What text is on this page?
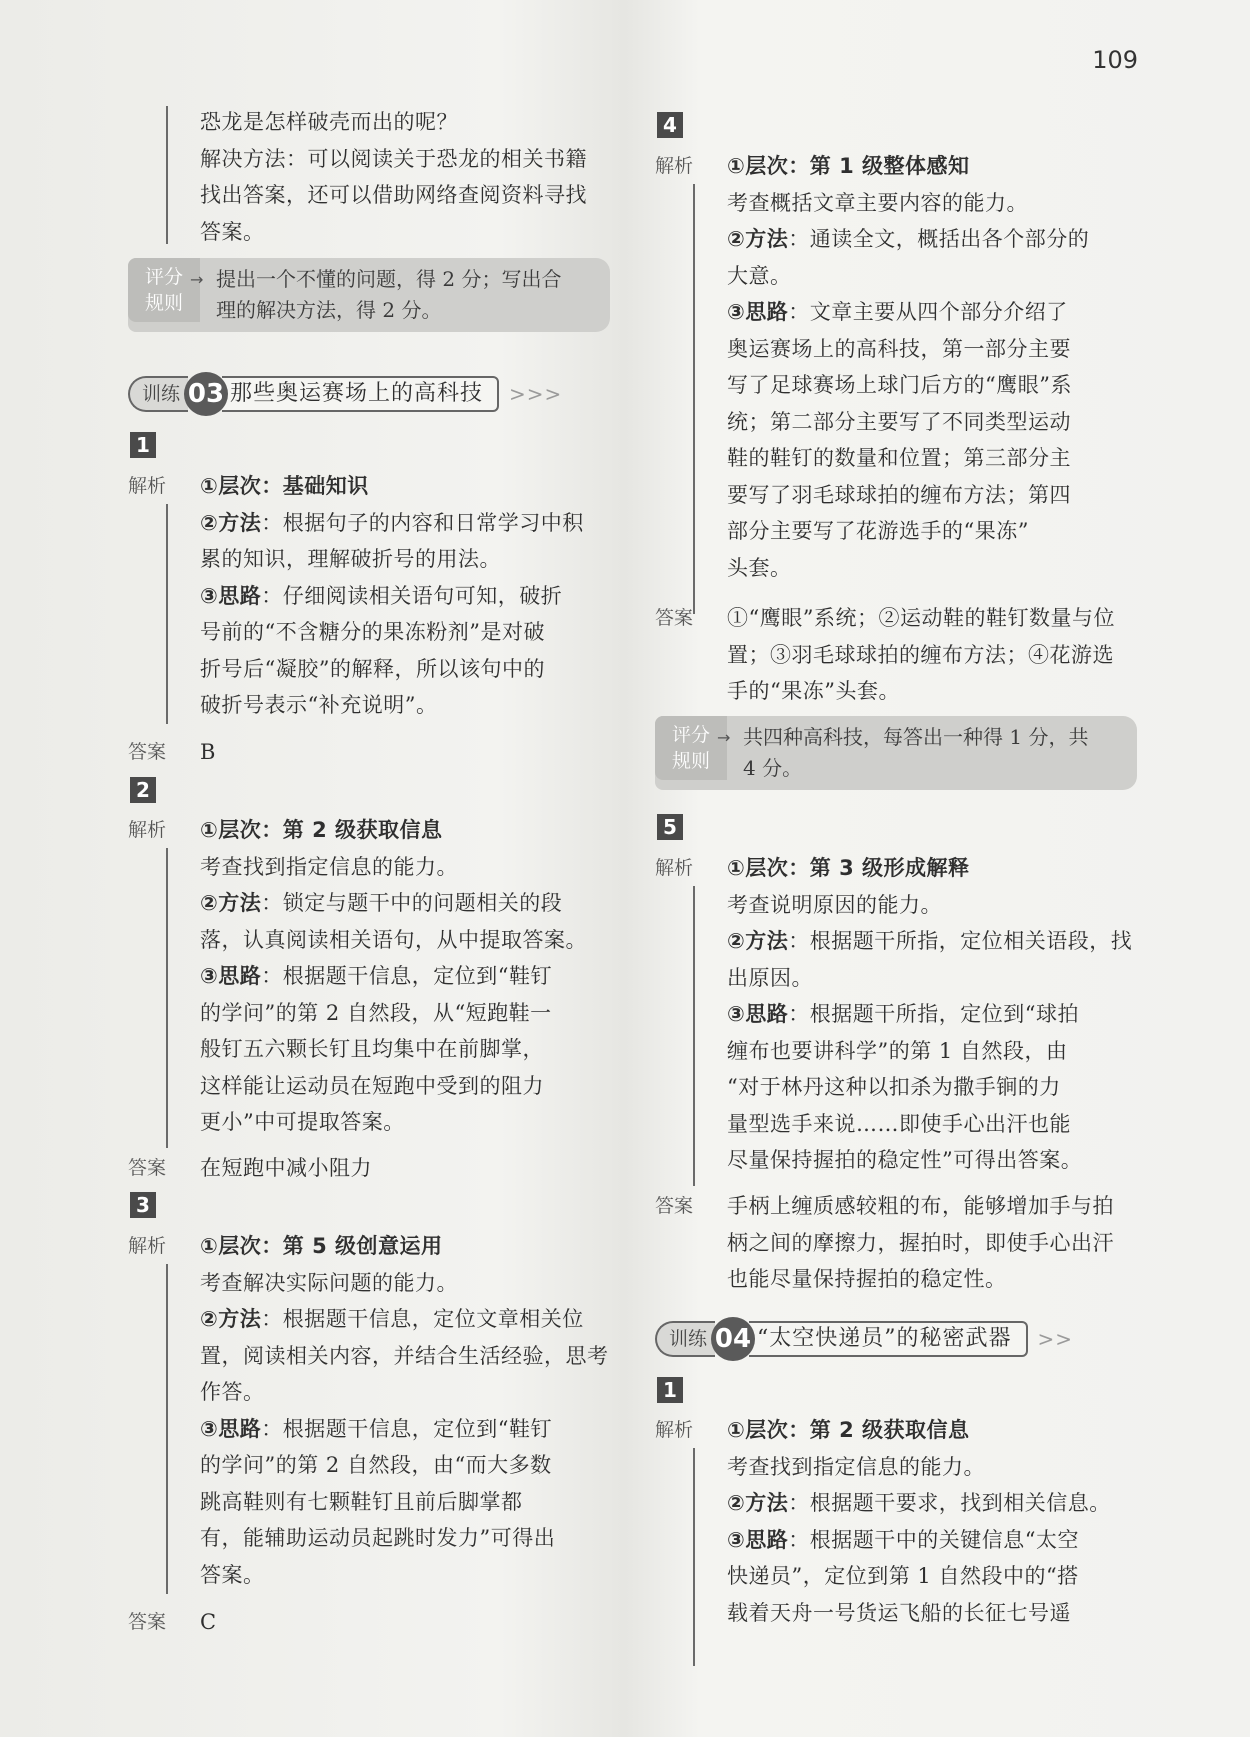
109
恐龙是怎样破壳而出的呢？
解决方法：可以阅读关于恐龙的相关书籍
找出答案，还可以借助网络查阅资料寻找
答案。
评分
规则
→ 提出一个不懂的问题，得 2 分；写出合
理的解决方法，得 2 分。
训练 03 那些奥运赛场上的高科技	>>>
1
解析	①层次：基础知识
②方法：根据句子的内容和日常学习中积
累的知识，理解破折号的用法。
③思路：仔细阅读相关语句可知，破折
号前的“不含糖分的果冻粉剂”是对破
折号后“凝胶”的解释，所以该句中的
破折号表示“补充说明”。
答案	B
2
解析	①层次：第 2 级获取信息
考查找到指定信息的能力。
②方法：锁定与题干中的问题相关的段
落，认真阅读相关语句，从中提取答案。
③思路：根据题干信息，定位到“鞋钉
的学问”的第 2 自然段，从“短跑鞋一
般钉五六颗长钉且均集中在前脚掌，
这样能让运动员在短跑中受到的阻力
更小”中可提取答案。
答案	在短跑中减小阻力
3
解析	①层次：第 5 级创意运用
考查解决实际问题的能力。
②方法：根据题干信息，定位文章相关位
置，阅读相关内容，并结合生活经验，思考
作答。
③思路：根据题干信息，定位到“鞋钉
的学问”的第 2 自然段，由“而大多数
跳高鞋则有七颗鞋钉且前后脚掌都
有，能辅助运动员起跳时发力”可得出
答案。
答案	C
4
解析	①层次：第 1 级整体感知
考查概括文章主要内容的能力。
②方法：通读全文，概括出各个部分的
大意。
③思路：文章主要从四个部分介绍了
奥运赛场上的高科技，第一部分主要
写了足球赛场上球门后方的“鹰眼”系
统；第二部分主要写了不同类型运动
鞋的鞋钉的数量和位置；第三部分主
要写了羽毛球球拍的缠布方法；第四
部分主要写了花游选手的“果冻”
头套。
答案	①“鹰眼”系统；②运动鞋的鞋钉数量与位
置；③羽毛球球拍的缠布方法；④花游选
手的“果冻”头套。
评分
规则
→ 共四种高科技，每答出一种得 1 分，共
4 分。
5
解析	①层次：第 3 级形成解释
考查说明原因的能力。
②方法：根据题干所指，定位相关语段，找
出原因。
③思路：根据题干所指，定位到“球拍
缠布也要讲科学”的第 1 自然段，由
“对于林丹这种以扣杀为撒手锏的力
量型选手来说……即使手心出汗也能
尽量保持握拍的稳定性”可得出答案。
答案	手柄上缠质感较粗的布，能够增加手与拍
柄之间的摩擦力，握拍时，即使手心出汗
也能尽量保持握拍的稳定性。
训练 04 “太空快递员”的秘密武器	>>
1
解析	①层次：第 2 级获取信息
考查找到指定信息的能力。
②方法：根据题干要求，找到相关信息。
③思路：根据题干中的关键信息“太空
快递员”，定位到第 1 自然段中的“搭
载着天舟一号货运飞船的长征七号遥
